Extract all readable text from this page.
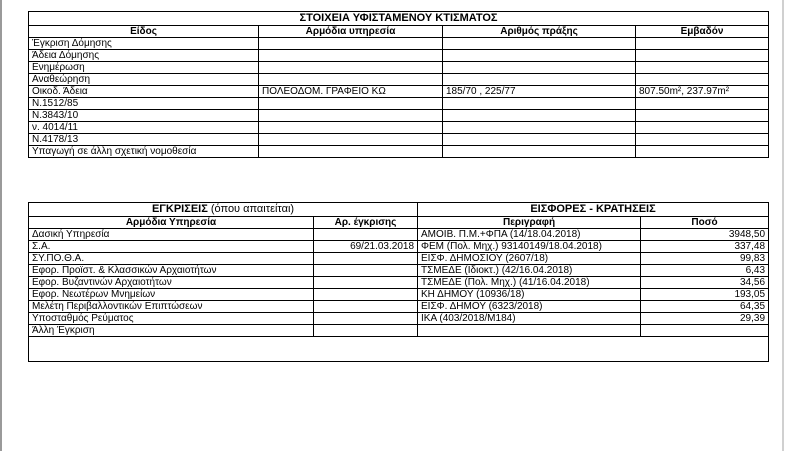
ΣΤΟΙΧΕΙΑ ΥΦΙΣΤΑΜΕΝΟΥ ΚΤΙΣΜΑΤΟΣ			
Είδος	Αρμόδια υπηρεσία	Αριθμός πράξης	Εμβαδόν
Έγκριση Δόμησης			
Άδεια Δόμησης			
Ενημέρωση			
Αναθεώρηση			
Οικοδ. Άδεια	ΠΟΛΕΟΔΟΜ. ΓΡΑΦΕΙΟ ΚΩ	185/70 , 225/77	807.50m², 237.97m²
Ν.1512/85			
Ν.3843/10			
ν. 4014/11			
Ν.4178/13			
Υπαγωγή σε άλλη σχετική νομοθεσία			
ΕΓΚΡΙΣΕΙΣ (όπου απαιτείται)		ΕΙΣΦΟΡΕΣ - ΚΡΑΤΗΣΕΙΣ	
Αρμόδια Υπηρεσία	Αρ. έγκρισης	Περιγραφή	Ποσό
Δασική Υπηρεσία		ΑΜΟΙΒ. Π.Μ.+ΦΠΑ (14/18.04.2018)	3948,50
Σ.Α.	69/21.03.2018	ΦΕΜ (Πολ. Μηχ.) 93140149/18.04.2018)	337,48
ΣΥ.ΠΟ.Θ.Α.		ΕΙΣΦ. ΔΗΜΟΣΙΟΥ (2607/18)	99,83
Εφορ. Προϊστ. & Κλασσικών Αρχαιοτήτων		ΤΣΜΕΔΕ (Ιδιοκτ.) (42/16.04.2018)	6,43
Εφορ. Βυζαντινών Αρχαιοτήτων		ΤΣΜΕΔΕ (Πολ. Μηχ.) (41/16.04.2018)	34,56
Εφορ. Νεωτέρων Μνημείων		ΚΗ ΔΗΜΟΥ (10936/18)	193,05
Μελέτη Περιβαλλοντικών Επιπτώσεων		ΕΙΣΦ. ΔΗΜΟΥ (6323/2018)	64,35
Υποσταθμός Ρεύματος		ΙΚΑ (403/2018/Μ184)	29,39
Άλλη Έγκριση			
